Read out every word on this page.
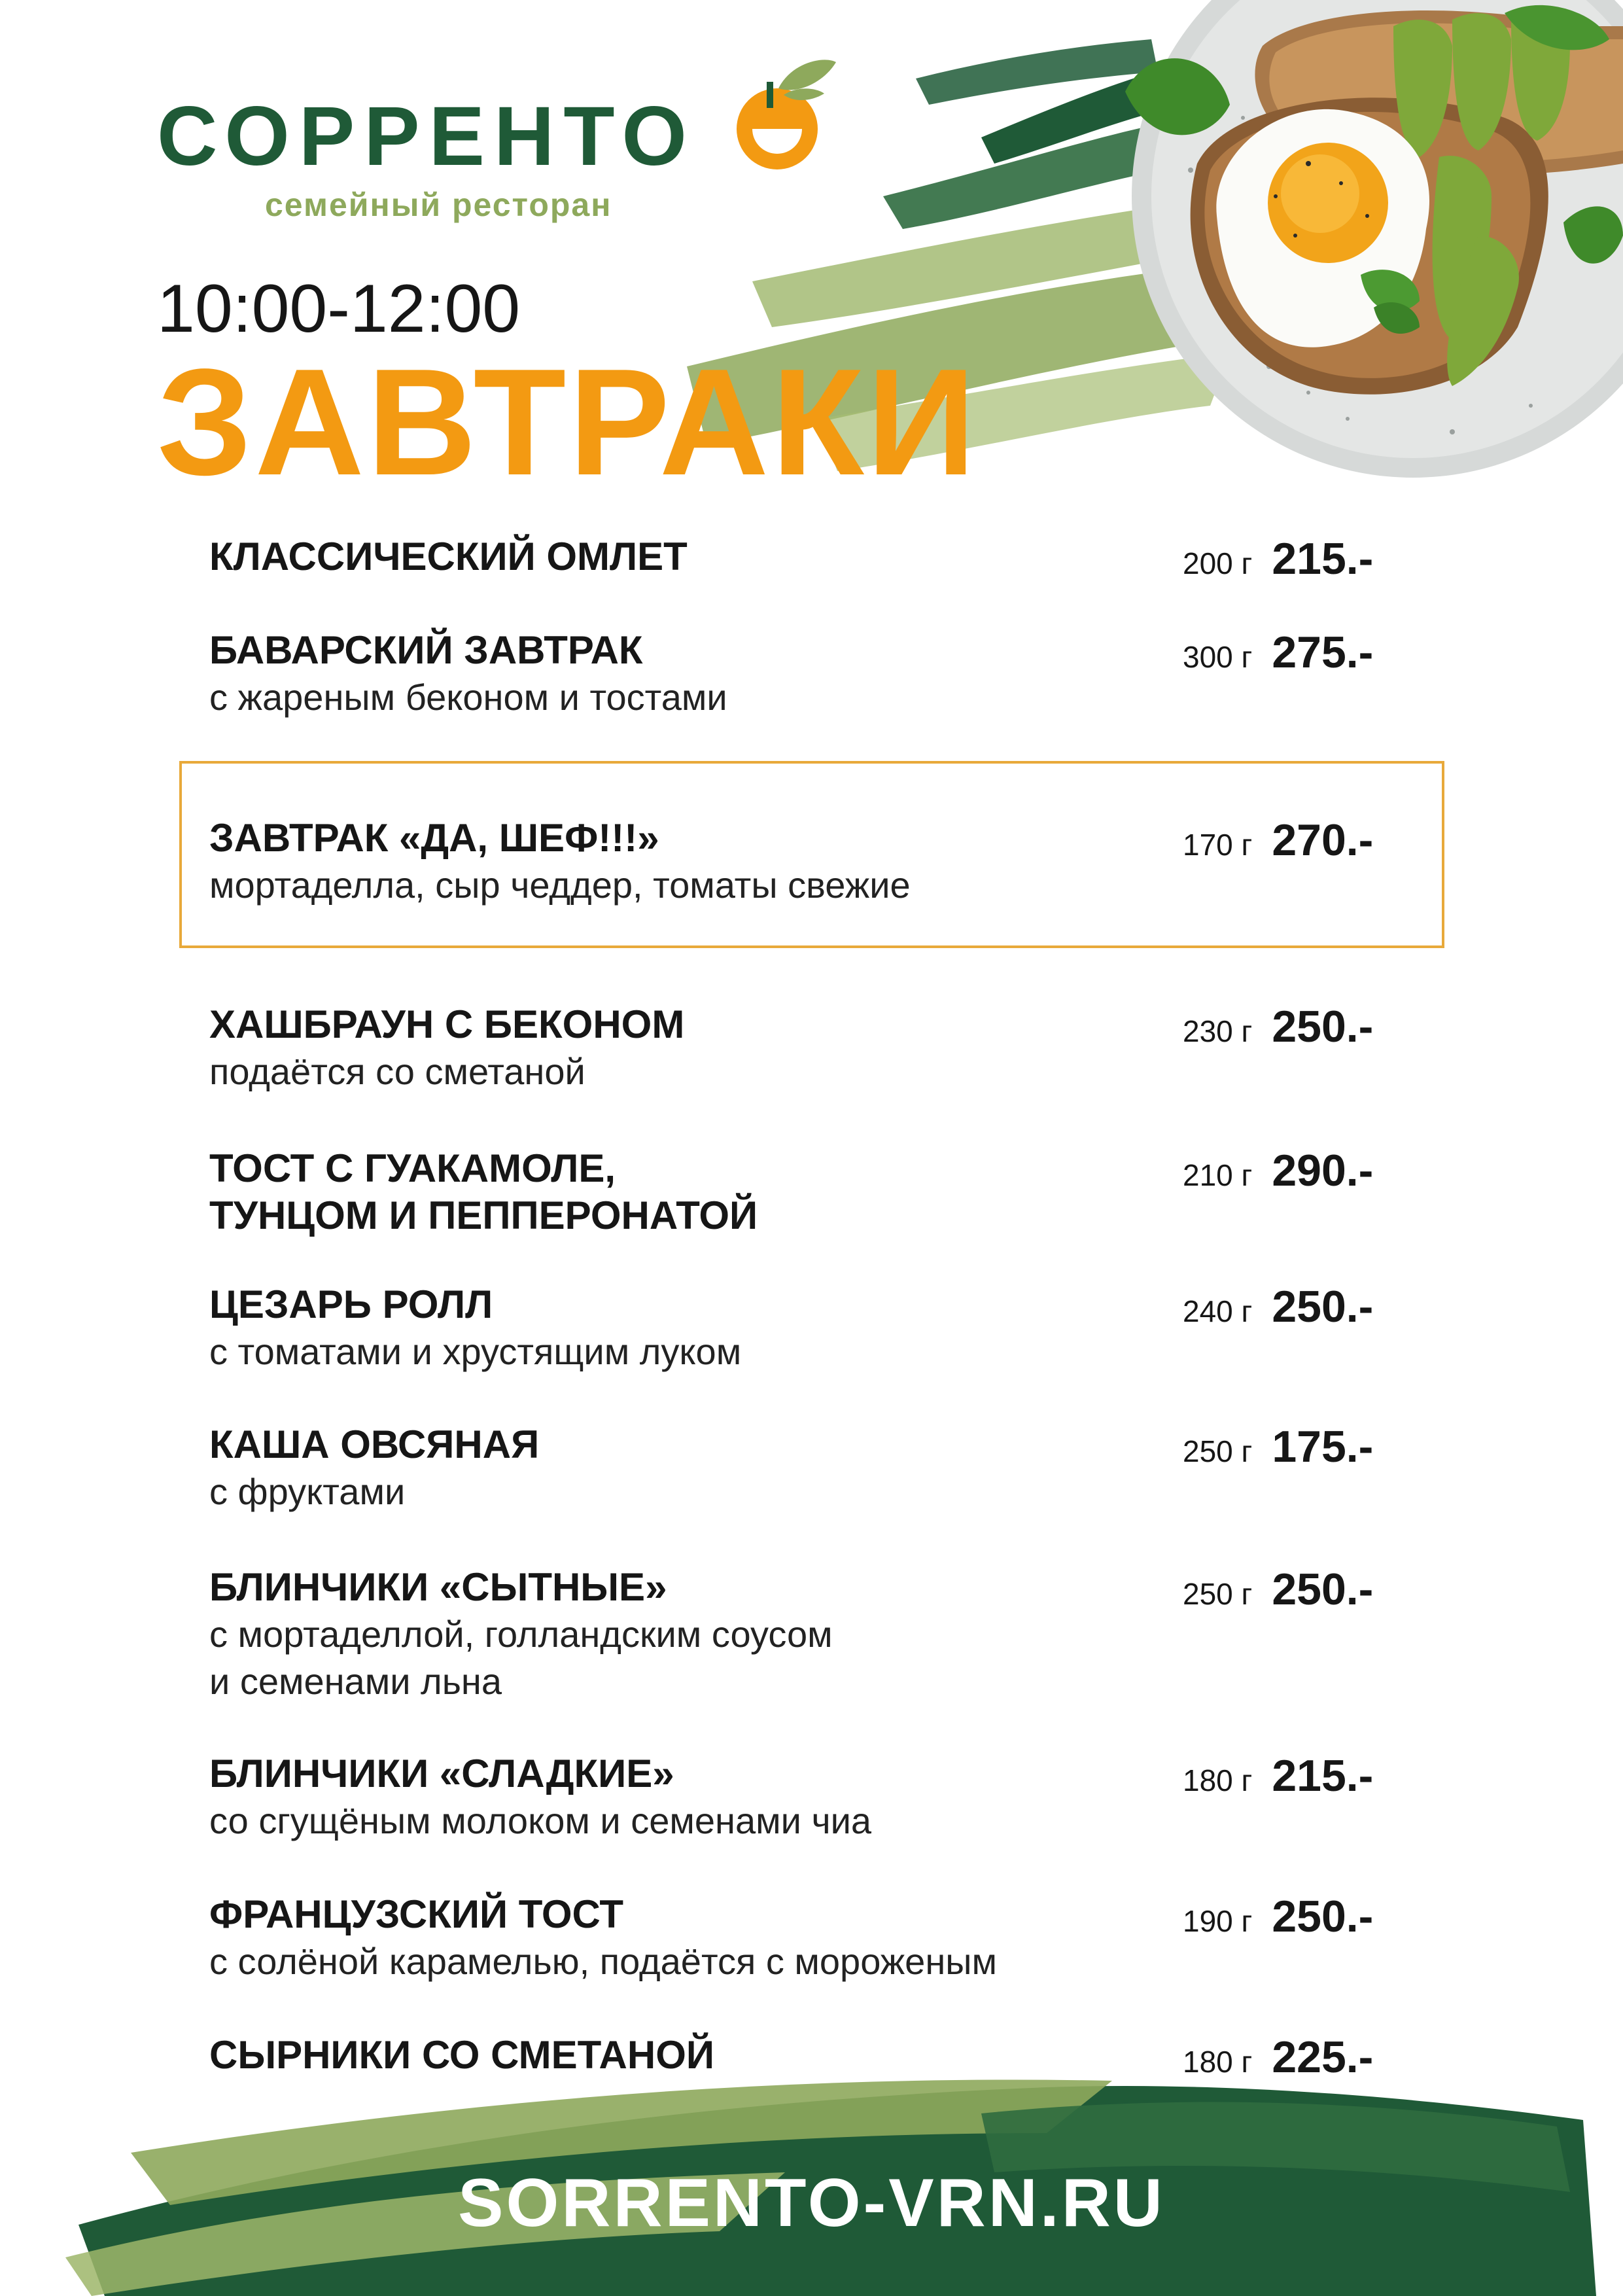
СОРРЕНТО
семейный ресторан
10:00-12:00
ЗАВТРАКИ
КЛАССИЧЕСКИЙ ОМЛЕТ	200 г 215.-
БАВАРСКИЙ ЗАВТРАК
с жареным беконом и тостами
300 г 275.-
ЗАВТРАК «ДА, ШЕФ!!!»
мортаделла, сыр чеддер, томаты свежие
170 г 270.-
ХАШБРАУН С БЕКОНОМ
подаётся со сметаной
230 г 250.-
ТОСТ С ГУАКАМОЛЕ,
ТУНЦОМ И ПЕППЕРОНАТОЙ
210 г 290.-
ЦЕЗАРЬ РОЛЛ
с томатами и хрустящим луком
240 г 250.-
КАША ОВСЯНАЯ
с фруктами
250 г 175.-
БЛИНЧИКИ «СЫТНЫЕ»
с мортаделлой, голландским соусом
и семенами льна
250 г 250.-
БЛИНЧИКИ «СЛАДКИЕ»
со сгущёным молоком и семенами чиа
180 г 215.-
ФРАНЦУЗСКИЙ ТОСТ
с солёной карамелью, подаётся с мороженым
190 г 250.-
СЫРНИКИ СО СМЕТАНОЙ	180 г 225.-
SORRENTO-VRN.RU
